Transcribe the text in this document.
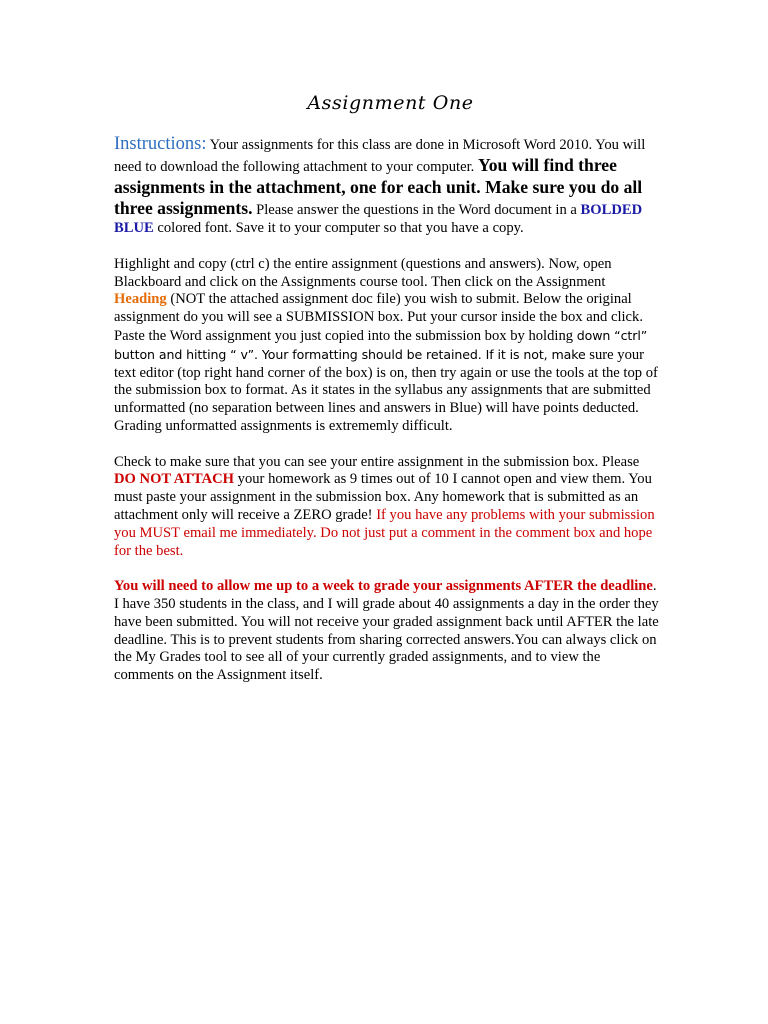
Assignment One

Instructions: Your assignments for this class are done in Microsoft Word 2010. You will need to download the following attachment to your computer. You will find three assignments in the attachment, one for each unit. Make sure you do all three assignments. Please answer the questions in the Word document in a BOLDED BLUE colored font. Save it to your computer so that you have a copy.

Highlight and copy (ctrl c) the entire assignment (questions and answers). Now, open Blackboard and click on the Assignments course tool. Then click on the Assignment Heading (NOT the attached assignment doc file) you wish to submit. Below the original assignment do you will see a SUBMISSION box. Put your cursor inside the box and click. Paste the Word assignment you just copied into the submission box by holding down “ctrl” button and hitting “ v”. Your formatting should be retained. If it is not, make sure your text editor (top right hand corner of the box) is on, then try again or use the tools at the top of the submission box to format. As it states in the syllabus any assignments that are submitted unformatted (no separation between lines and answers in Blue) will have points deducted. Grading unformatted assignments is extrememly difficult.

Check to make sure that you can see your entire assignment in the submission box. Please DO NOT ATTACH your homework as 9 times out of 10 I cannot open and view them. You must paste your assignment in the submission box. Any homework that is submitted as an attachment only will receive a ZERO grade! If you have any problems with your submission you MUST email me immediately. Do not just put a comment in the comment box and hope for the best.

You will need to allow me up to a week to grade your assignments AFTER the deadline. I have 350 students in the class, and I will grade about 40 assignments a day in the order they have been submitted. You will not receive your graded assignment back until AFTER the late deadline. This is to prevent students from sharing corrected answers.You can always click on the My Grades tool to see all of your currently graded assignments, and to view the comments on the Assignment itself.
